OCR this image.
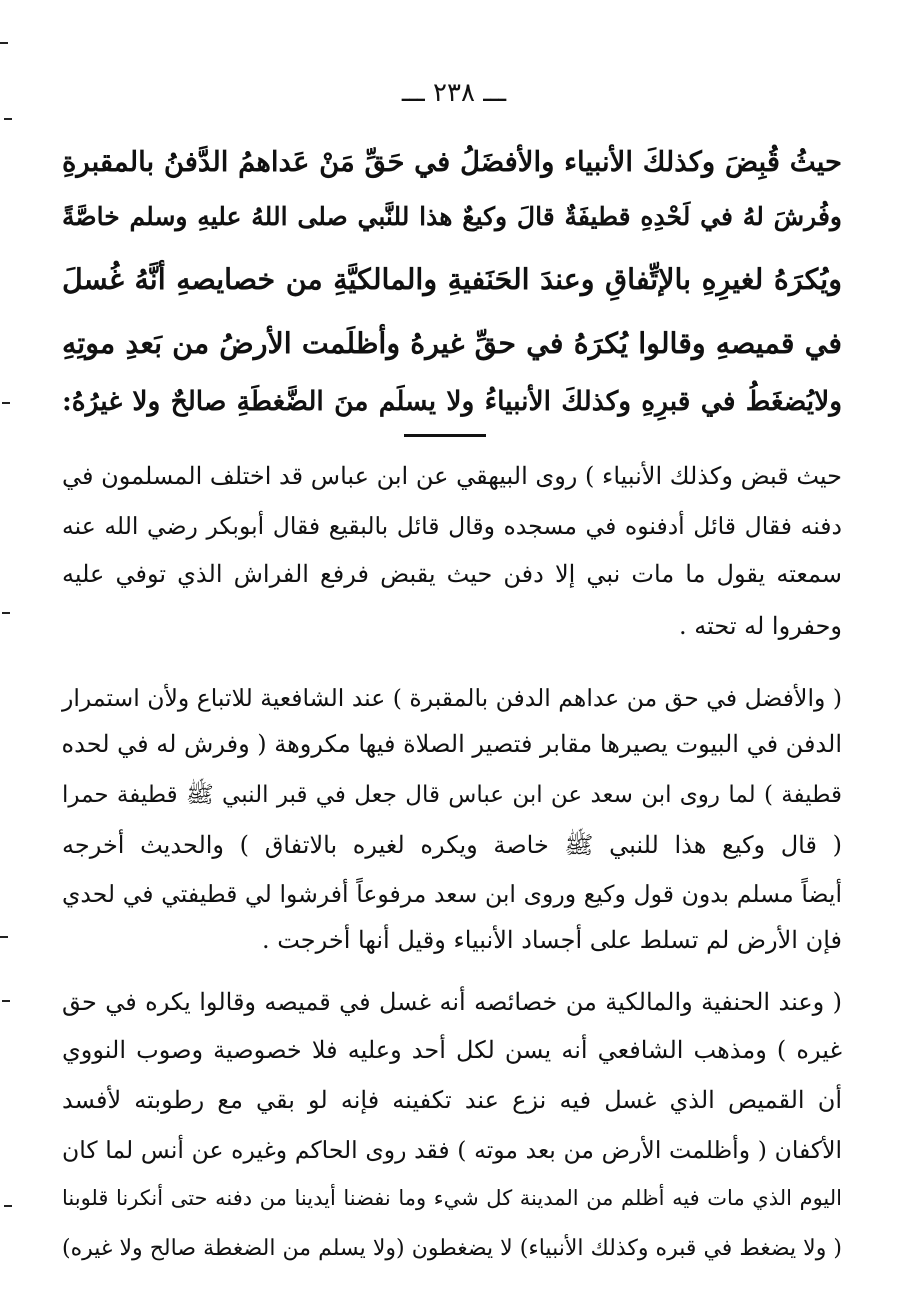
ـــ ٢٣٨ ـــ
حيثُ قُبِضَ وكذلكَ الأنبياء والأفضَلُ في حَقِّ مَنْ عَداهمُ الدَّفنُ بالمقبرةِ
وفُرشَ لهُ في لَحْدِهِ قطيفَةٌ قالَ وكيعٌ هذا للنَّبي صلى اللهُ عليهِ وسلم خاصَّةً
ويُكرَهُ لغيرِهِ بالإتِّفاقِ وعندَ الحَنَفيةِ والمالكيَّةِ من خصايصهِ أنَّهُ غُسلَ
في قميصهِ وقالوا يُكرَهُ في حقِّ غيرهُ وأظلَمت الأرضُ من بَعدِ موتِهِ
ولايُضغَطُ في قبرِهِ وكذلكَ الأنبياءُ ولا يسلَم منَ الضَّغطَةِ صالحٌ ولا غيرُهُ:
حيث قبض وكذلك الأنبياء ) روى البيهقي عن ابن عباس قد اختلف المسلمون في
دفنه فقال قائل أدفنوه في مسجده وقال قائل بالبقيع فقال أبوبكر رضي الله عنه
سمعته يقول ما مات نبي إلا دفن حيث يقبض فرفع الفراش الذي توفي عليه
وحفروا له تحته .
( والأفضل في حق من عداهم الدفن بالمقبرة ) عند الشافعية للاتباع ولأن استمرار
الدفن في البيوت يصيرها مقابر فتصير الصلاة فيها مكروهة ( وفرش له في لحده
قطيفة ) لما روى ابن سعد عن ابن عباس قال جعل في قبر النبي ﷺ قطيفة حمرا
( قال وكيع هذا للنبي ﷺ خاصة ويكره لغيره بالاتفاق ) والحديث أخرجه
أيضاً مسلم بدون قول وكيع وروى ابن سعد مرفوعاً أفرشوا لي قطيفتي في لحدي
فإن الأرض لم تسلط على أجساد الأنبياء وقيل أنها أخرجت .
( وعند الحنفية والمالكية من خصائصه أنه غسل في قميصه وقالوا يكره في حق
غيره ) ومذهب الشافعي أنه يسن لكل أحد وعليه فلا خصوصية وصوب النووي
أن القميص الذي غسل فيه نزع عند تكفينه فإنه لو بقي مع رطوبته لأفسد
الأكفان ( وأظلمت الأرض من بعد موته ) فقد روى الحاكم وغيره عن أنس لما كان
اليوم الذي مات فيه أظلم من المدينة كل شيء وما نفضنا أيدينا من دفنه حتى أنكرنا قلوبنا
( ولا يضغط في قبره وكذلك الأنبياء) لا يضغطون (ولا يسلم من الضغطة صالح ولا غيره)
